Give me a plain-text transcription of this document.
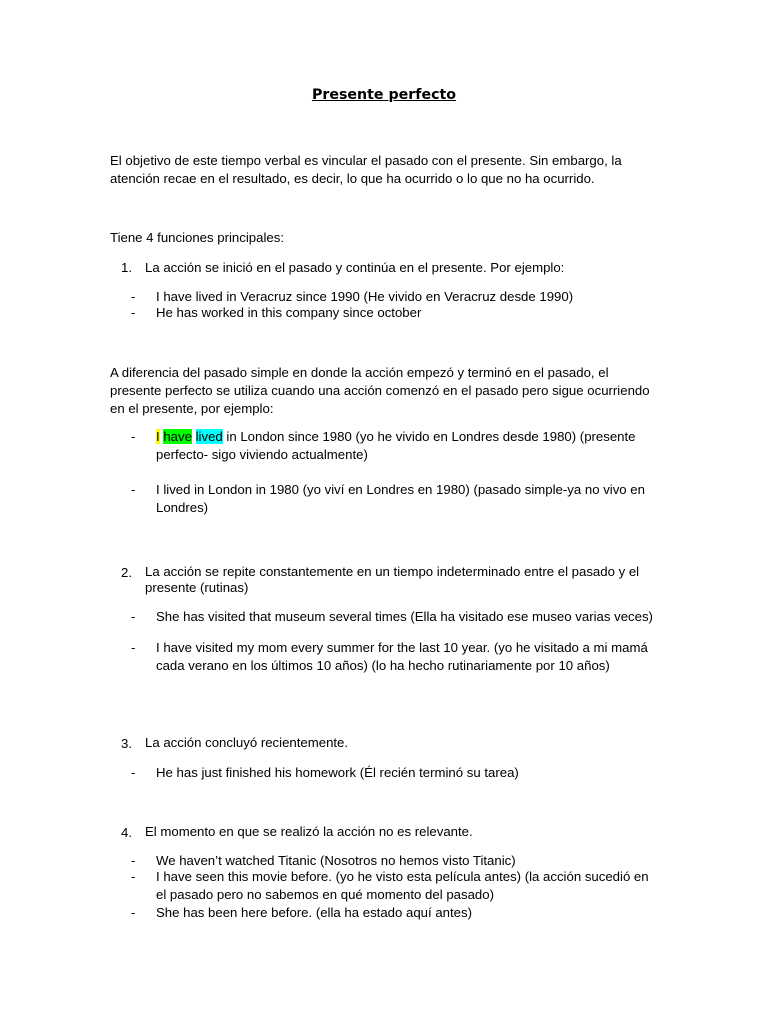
Presente perfecto
El objetivo de este tiempo verbal es vincular el pasado con el presente. Sin embargo, la atención recae en el resultado, es decir, lo que ha ocurrido o lo que no ha ocurrido.
Tiene 4 funciones principales:
1. La acción se inició en el pasado y continúa en el presente. Por ejemplo:
- I have lived in Veracruz since 1990 (He vivido en Veracruz desde 1990)
- He has worked in this company since october
A diferencia del pasado simple en donde la acción empezó y terminó en el pasado, el presente perfecto se utiliza cuando una acción comenzó en el pasado pero sigue ocurriendo en el presente, por ejemplo:
- I have lived in London since 1980 (yo he vivido en Londres desde 1980) (presente perfecto- sigo viviendo actualmente)
- I lived in London in 1980 (yo viví en Londres en 1980) (pasado simple-ya no vivo en Londres)
2. La acción se repite constantemente en un tiempo indeterminado entre el pasado y el presente (rutinas)
- She has visited that museum several times (Ella ha visitado ese museo varias veces)
- I have visited my mom every summer for the last 10 year. (yo he visitado a mi mamá cada verano en los últimos 10 años) (lo ha hecho rutinariamente por 10 años)
3. La acción concluyó recientemente.
- He has just finished his homework (Él recién terminó su tarea)
4. El momento en que se realizó la acción no es relevante.
- We haven’t watched Titanic (Nosotros no hemos visto Titanic)
- I have seen this movie before. (yo he visto esta película antes) (la acción sucedió en el pasado pero no sabemos en qué momento del pasado)
- She has been here before. (ella ha estado aquí antes)
